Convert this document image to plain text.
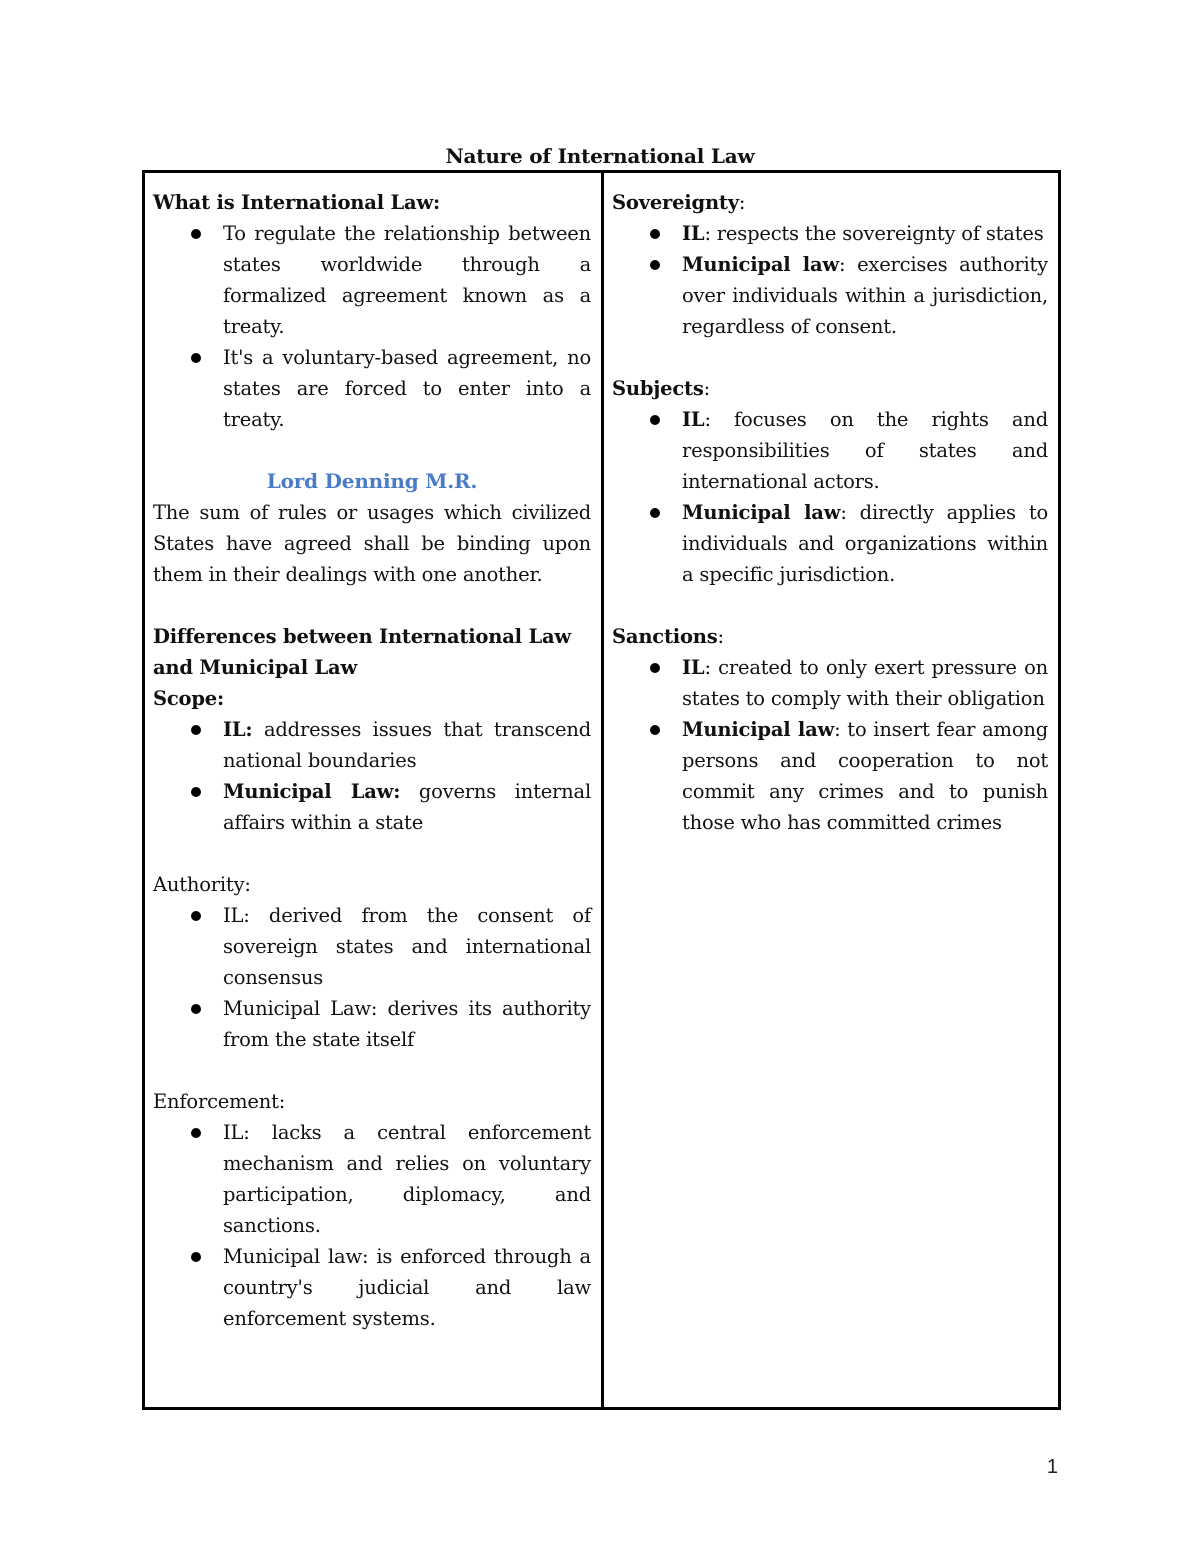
Nature of International Law
What is International Law:
To regulate the relationship between states worldwide through a formalized agreement known as a treaty.
It's a voluntary-based agreement, no states are forced to enter into a treaty.
Lord Denning M.R.
The sum of rules or usages which civilized States have agreed shall be binding upon them in their dealings with one another.
Differences between International Law and Municipal Law
Scope:
IL: addresses issues that transcend national boundaries
Municipal Law: governs internal affairs within a state
Authority:
IL: derived from the consent of sovereign states and international consensus
Municipal Law: derives its authority from the state itself
Enforcement:
IL: lacks a central enforcement mechanism and relies on voluntary participation, diplomacy, and sanctions.
Municipal law: is enforced through a country's judicial and law enforcement systems.
Sovereignty:
IL: respects the sovereignty of states
Municipal law: exercises authority over individuals within a jurisdiction, regardless of consent.
Subjects:
IL: focuses on the rights and responsibilities of states and international actors.
Municipal law: directly applies to individuals and organizations within a specific jurisdiction.
Sanctions:
IL: created to only exert pressure on states to comply with their obligation
Municipal law: to insert fear among persons and cooperation to not commit any crimes and to punish those who has committed crimes
1
